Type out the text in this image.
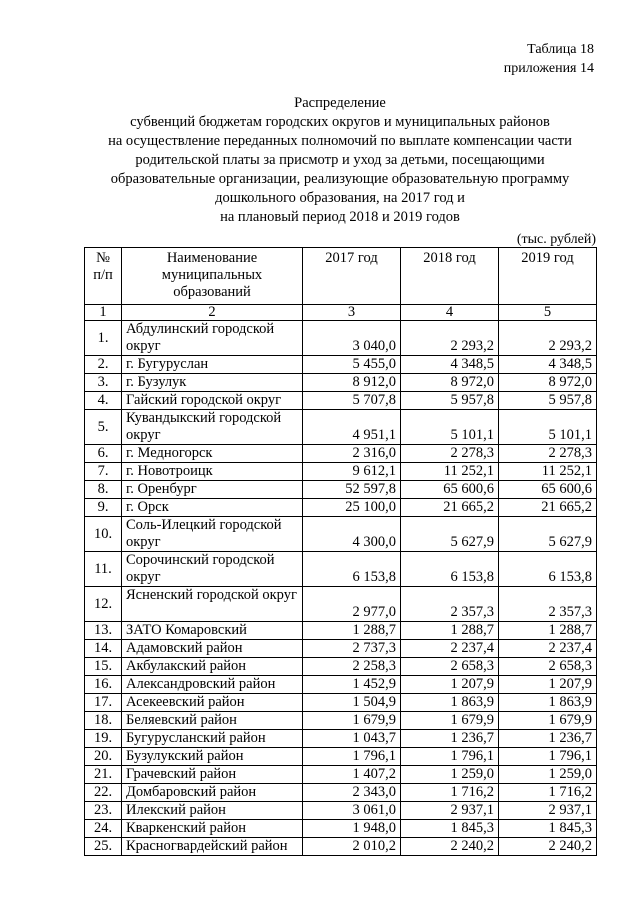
Таблица 18
приложения 14
Распределение
субвенций бюджетам городских округов и муниципальных районов
на осуществление переданных полномочий по выплате компенсации части
родительской платы за присмотр и уход за детьми, посещающими
образовательные организации, реализующие образовательную программу
дошкольного образования, на 2017 год и
на плановый период 2018 и 2019 годов
(тыс. рублей)
№ п/п	Наименование муниципальных образований	2017 год	2018 год	2019 год
1	2	3	4	5
1.	Абдулинский городской округ	3 040,0	2 293,2	2 293,2
2.	г. Бугуруслан	5 455,0	4 348,5	4 348,5
3.	г. Бузулук	8 912,0	8 972,0	8 972,0
4.	Гайский городской округ	5 707,8	5 957,8	5 957,8
5.	Кувандыкский городской округ	4 951,1	5 101,1	5 101,1
6.	г. Медногорск	2 316,0	2 278,3	2 278,3
7.	г. Новотроицк	9 612,1	11 252,1	11 252,1
8.	г. Оренбург	52 597,8	65 600,6	65 600,6
9.	г. Орск	25 100,0	21 665,2	21 665,2
10.	Соль-Илецкий городской округ	4 300,0	5 627,9	5 627,9
11.	Сорочинский городской округ	6 153,8	6 153,8	6 153,8
12.	Ясненский городской округ	2 977,0	2 357,3	2 357,3
13.	ЗАТО Комаровский	1 288,7	1 288,7	1 288,7
14.	Адамовский район	2 737,3	2 237,4	2 237,4
15.	Акбулакский район	2 258,3	2 658,3	2 658,3
16.	Александровский район	1 452,9	1 207,9	1 207,9
17.	Асекеевский район	1 504,9	1 863,9	1 863,9
18.	Беляевский район	1 679,9	1 679,9	1 679,9
19.	Бугурусланский район	1 043,7	1 236,7	1 236,7
20.	Бузулукский район	1 796,1	1 796,1	1 796,1
21.	Грачевский район	1 407,2	1 259,0	1 259,0
22.	Домбаровский район	2 343,0	1 716,2	1 716,2
23.	Илекский район	3 061,0	2 937,1	2 937,1
24.	Кваркенский район	1 948,0	1 845,3	1 845,3
25.	Красногвардейский район	2 010,2	2 240,2	2 240,2
